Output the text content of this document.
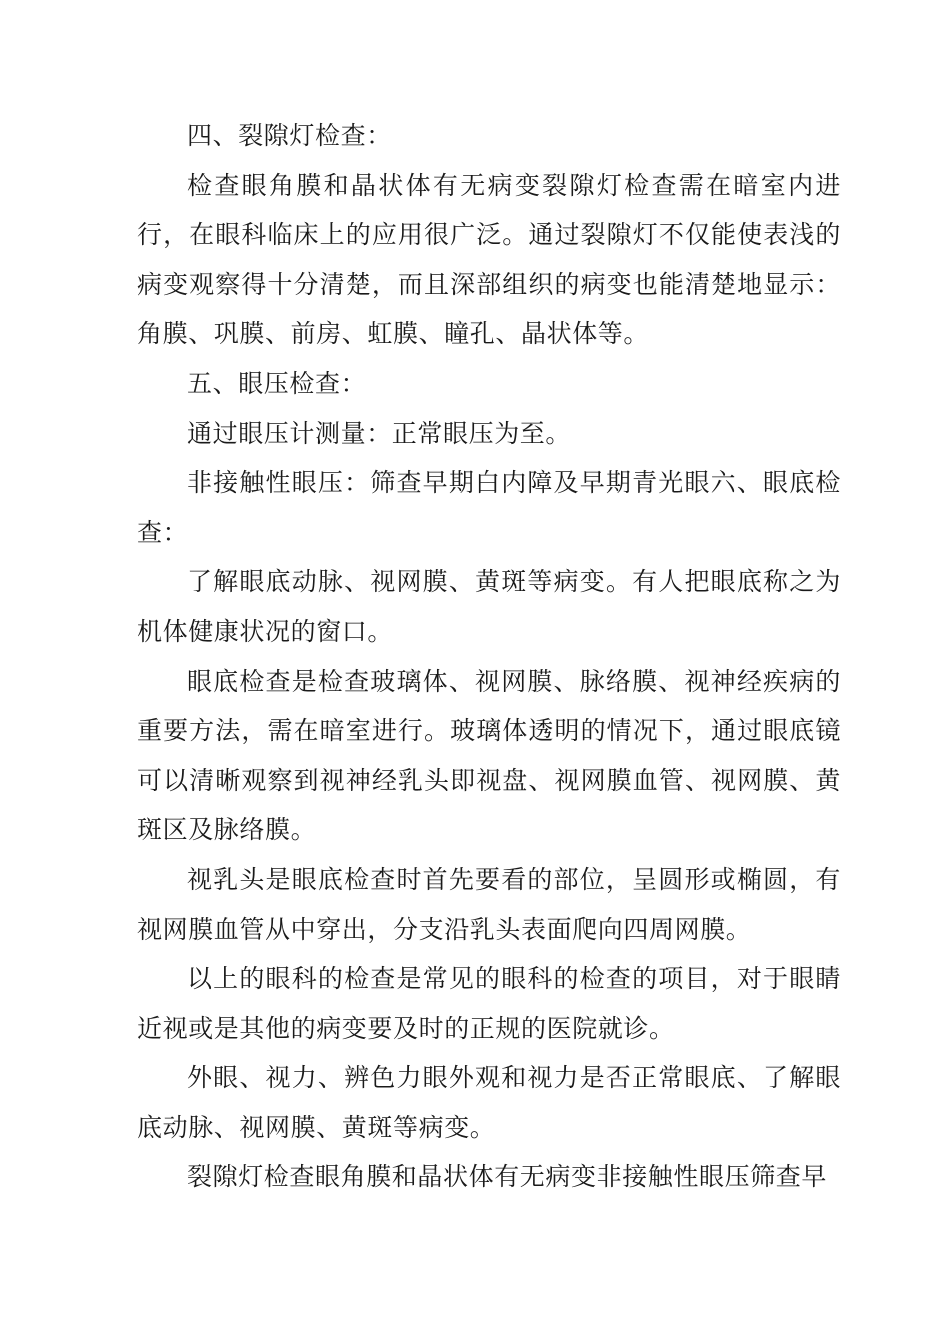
四、裂隙灯检查：

检查眼角膜和晶状体有无病变裂隙灯检查需在暗室内进行，在眼科临床上的应用很广泛。通过裂隙灯不仅能使表浅的病变观察得十分清楚，而且深部组织的病变也能清楚地显示：角膜、巩膜、前房、虹膜、瞳孔、晶状体等。

五、眼压检查：

通过眼压计测量：正常眼压为至。

非接触性眼压：筛查早期白内障及早期青光眼六、眼底检查：

了解眼底动脉、视网膜、黄斑等病变。有人把眼底称之为机体健康状况的窗口。

眼底检查是检查玻璃体、视网膜、脉络膜、视神经疾病的重要方法，需在暗室进行。玻璃体透明的情况下，通过眼底镜可以清晰观察到视神经乳头即视盘、视网膜血管、视网膜、黄斑区及脉络膜。

视乳头是眼底检查时首先要看的部位，呈圆形或椭圆，有视网膜血管从中穿出，分支沿乳头表面爬向四周网膜。

以上的眼科的检查是常见的眼科的检查的项目，对于眼睛近视或是其他的病变要及时的正规的医院就诊。

外眼、视力、辨色力眼外观和视力是否正常眼底、了解眼底动脉、视网膜、黄斑等病变。

裂隙灯检查眼角膜和晶状体有无病变非接触性眼压筛查早
